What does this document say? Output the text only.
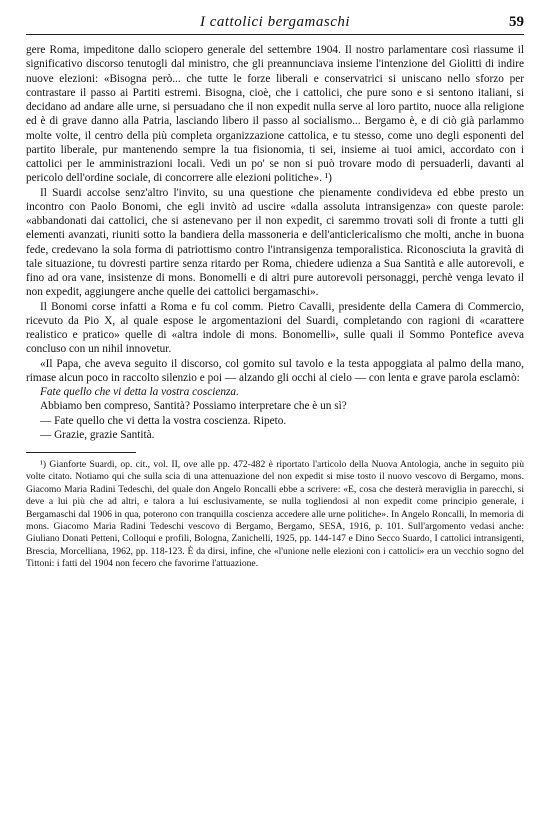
I cattolici bergamaschi	59

gere Roma, impeditone dallo sciopero generale del settembre 1904. Il nostro parlamentare così riassume il significativo discorso tenutogli dal ministro, che gli preannunciava insieme l'intenzione del Giolitti di indire nuove elezioni: «Bisogna però... che tutte le forze liberali e conservatrici si uniscano nello sforzo per contrastare il passo ai Partiti estremi. Bisogna, cioè, che i cattolici, che pure sono e si sentono italiani, si decidano ad andare alle urne, si persuadano che il non expedit nulla serve al loro partito, nuoce alla religione ed è di grave danno alla Patria, lasciando libero il passo al socialismo... Bergamo è, e di ciò già parlammo molte volte, il centro della più completa organizzazione cattolica, e tu stesso, come uno degli esponenti del partito liberale, pur mantenendo sempre la tua fisionomia, ti sei, insieme ai tuoi amici, accordato con i cattolici per le amministrazioni locali. Vedi un po' se non si può trovare modo di persuaderli, davanti al pericolo dell'ordine sociale, di concorrere alle elezioni politiche». ¹)

Il Suardi accolse senz'altro l'invito, su una questione che pienamente condivideva ed ebbe presto un incontro con Paolo Bonomi, che egli invitò ad uscire «dalla assoluta intransigenza» con queste parole: «abbandonati dai cattolici, che si astenevano per il non expedit, ci saremmo trovati soli di fronte a tutti gli elementi avanzati, riuniti sotto la bandiera della massoneria e dell'anticlericalismo che molti, anche in buona fede, credevano la sola forma di patriottismo contro l'intransigenza temporalistica. Riconosciuta la gravità di tale situazione, tu dovresti partire senza ritardo per Roma, chiedere udienza a Sua Santità e alle autorevoli, e fino ad ora vane, insistenze di mons. Bonomelli e di altri pure autorevoli personaggi, perchè venga levato il non expedit, aggiungere anche quelle dei cattolici bergamaschi».

Il Bonomi corse infatti a Roma e fu col comm. Pietro Cavalli, presidente della Camera di Commercio, ricevuto da Pio X, al quale espose le argomentazioni del Suardi, completando con ragioni di «carattere realistico e pratico» quelle di «altra indole di mons. Bonomelli», sulle quali il Sommo Pontefice aveva concluso con un nihil innovetur.

«Il Papa, che aveva seguito il discorso, col gomito sul tavolo e la testa appoggiata al palmo della mano, rimase alcun poco in raccolto silenzio e poi — alzando gli occhi al cielo — con lenta e grave parola esclamò:

Fate quello che vi detta la vostra coscienza.

Abbiamo ben compreso, Santità? Possiamo interpretare che è un sì?

— Fate quello che vi detta la vostra coscienza. Ripeto.

— Grazie, grazie Santità.

¹) Gianforte Suardi, op. cit., vol. II, ove alle pp. 472-482 è riportato l'articolo della Nuova Antologia, anche in seguito più volte citato. Notiamo qui che sulla scia di una attenuazione del non expedit si mise tosto il nuovo vescovo di Bergamo, mons. Giacomo Maria Radini Tedeschi, del quale don Angelo Roncalli ebbe a scrivere: «E, cosa che desterà meraviglia in parecchi, si deve a lui più che ad altri, e talora a lui esclusivamente, se nulla togliendosi al non expedit come principio generale, i Bergamaschi dal 1906 in qua, poterono con tranquilla coscienza accedere alle urne politiche». In Angelo Roncalli, In memoria di mons. Giacomo Maria Radini Tedeschi vescovo di Bergamo, Bergamo, SESA, 1916, p. 101. Sull'argomento vedasi anche: Giuliano Donati Petteni, Colloqui e profili, Bologna, Zanichelli, 1925, pp. 144-147 e Dino Secco Suardo, I cattolici intransigenti, Brescia, Morcelliana, 1962, pp. 118-123. È da dirsi, infine, che «l'unione nelle elezioni con i cattolici» era un vecchio sogno del Tittoni: i fatti del 1904 non fecero che favorirne l'attuazione.
